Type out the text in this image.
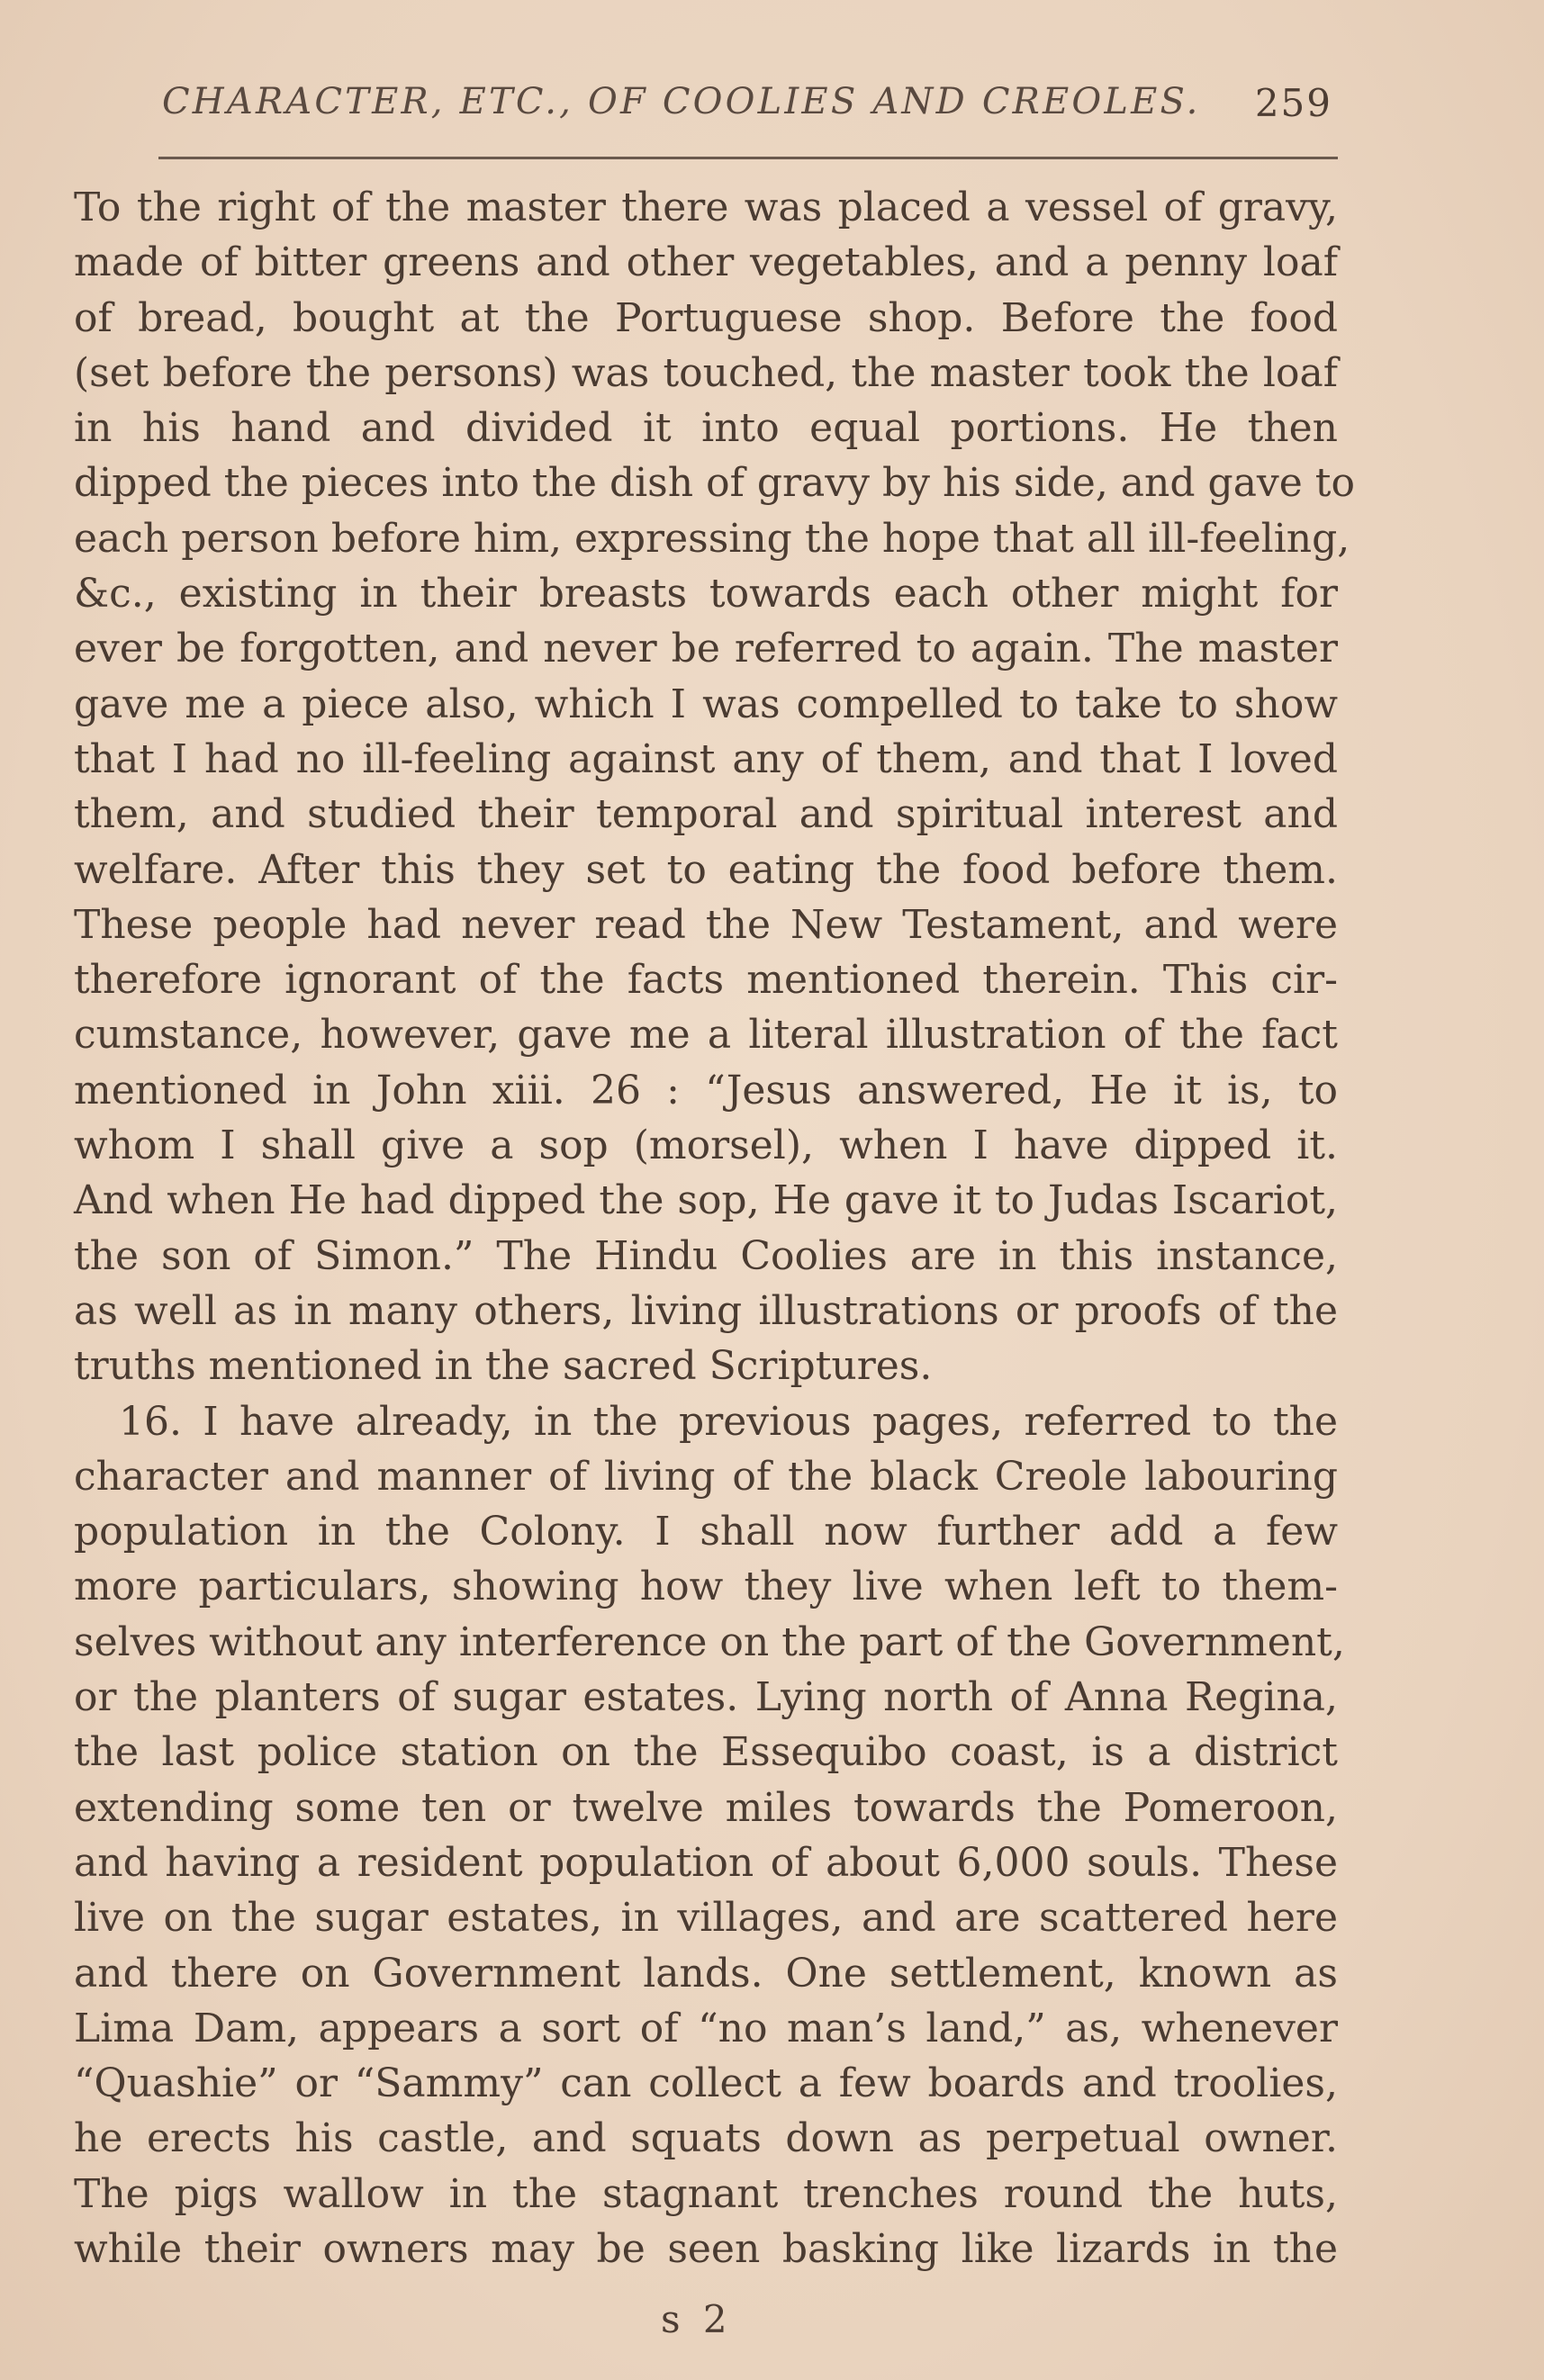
CHARACTER, ETC., OF COOLIES AND CREOLES. 259
To the right of the master there was placed a vessel of gravy,
made of bitter greens and other vegetables, and a penny loaf
of bread, bought at the Portuguese shop. Before the food
(set before the persons) was touched, the master took the loaf
in his hand and divided it into equal portions. He then
dipped the pieces into the dish of gravy by his side, and gave to
each person before him, expressing the hope that all ill-feeling,
&c., existing in their breasts towards each other might for
ever be forgotten, and never be referred to again. The master
gave me a piece also, which I was compelled to take to show
that I had no ill-feeling against any of them, and that I loved
them, and studied their temporal and spiritual interest and
welfare. After this they set to eating the food before them.
These people had never read the New Testament, and were
therefore ignorant of the facts mentioned therein. This cir-
cumstance, however, gave me a literal illustration of the fact
mentioned in John xiii. 26 : “Jesus answered, He it is, to
whom I shall give a sop (morsel), when I have dipped it.
And when He had dipped the sop, He gave it to Judas Iscariot,
the son of Simon.” The Hindu Coolies are in this instance,
as well as in many others, living illustrations or proofs of the
truths mentioned in the sacred Scriptures.
16. I have already, in the previous pages, referred to the
character and manner of living of the black Creole labouring
population in the Colony. I shall now further add a few
more particulars, showing how they live when left to them-
selves without any interference on the part of the Government,
or the planters of sugar estates. Lying north of Anna Regina,
the last police station on the Essequibo coast, is a district
extending some ten or twelve miles towards the Pomeroon,
and having a resident population of about 6,000 souls. These
live on the sugar estates, in villages, and are scattered here
and there on Government lands. One settlement, known as
Lima Dam, appears a sort of “no man’s land,” as, whenever
“Quashie” or “Sammy” can collect a few boards and troolies,
he erects his castle, and squats down as perpetual owner.
The pigs wallow in the stagnant trenches round the huts,
while their owners may be seen basking like lizards in the
s 2
